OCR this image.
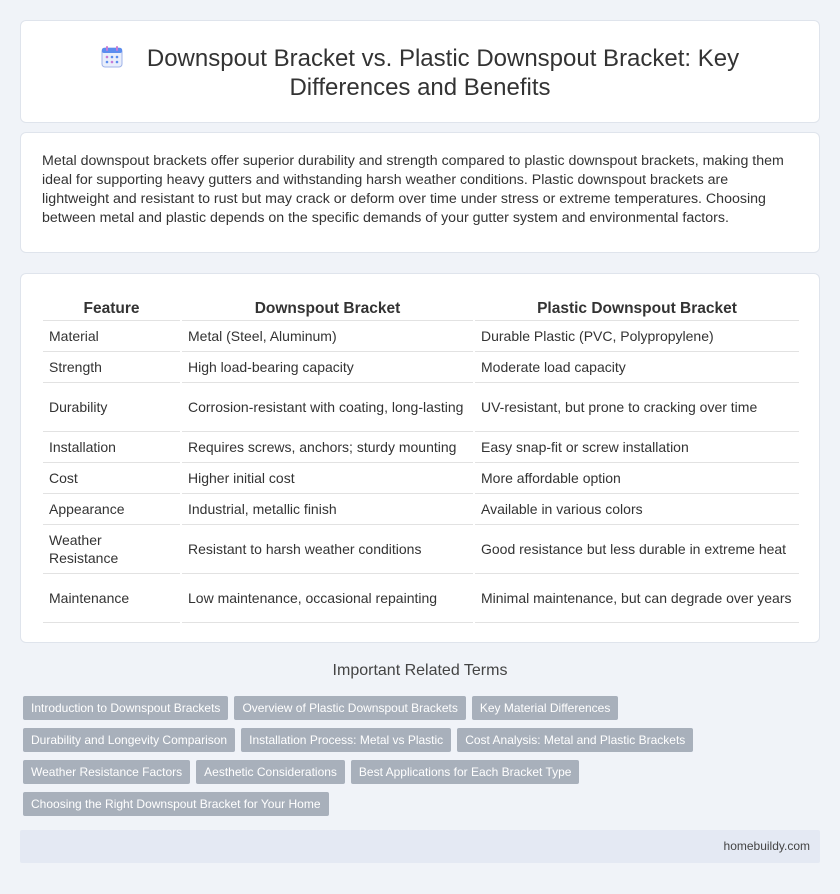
Downspout Bracket vs. Plastic Downspout Bracket: Key Differences and Benefits

Metal downspout brackets offer superior durability and strength compared to plastic downspout brackets, making them ideal for supporting heavy gutters and withstanding harsh weather conditions. Plastic downspout brackets are lightweight and resistant to rust but may crack or deform over time under stress or extreme temperatures. Choosing between metal and plastic depends on the specific demands of your gutter system and environmental factors.

Feature	Downspout Bracket	Plastic Downspout Bracket
Material	Metal (Steel, Aluminum)	Durable Plastic (PVC, Polypropylene)
Strength	High load-bearing capacity	Moderate load capacity
Durability	Corrosion-resistant with coating, long-lasting	UV-resistant, but prone to cracking over time
Installation	Requires screws, anchors; sturdy mounting	Easy snap-fit or screw installation
Cost	Higher initial cost	More affordable option
Appearance	Industrial, metallic finish	Available in various colors
Weather Resistance	Resistant to harsh weather conditions	Good resistance but less durable in extreme heat
Maintenance	Low maintenance, occasional repainting	Minimal maintenance, but can degrade over years
Important Related Terms
Introduction to Downspout Brackets Overview of Plastic Downspout Brackets Key Material Differences
Durability and Longevity Comparison Installation Process: Metal vs Plastic Cost Analysis: Metal and Plastic Brackets
Weather Resistance Factors Aesthetic Considerations Best Applications for Each Bracket Type
Choosing the Right Downspout Bracket for Your Home
homebuildy.com
